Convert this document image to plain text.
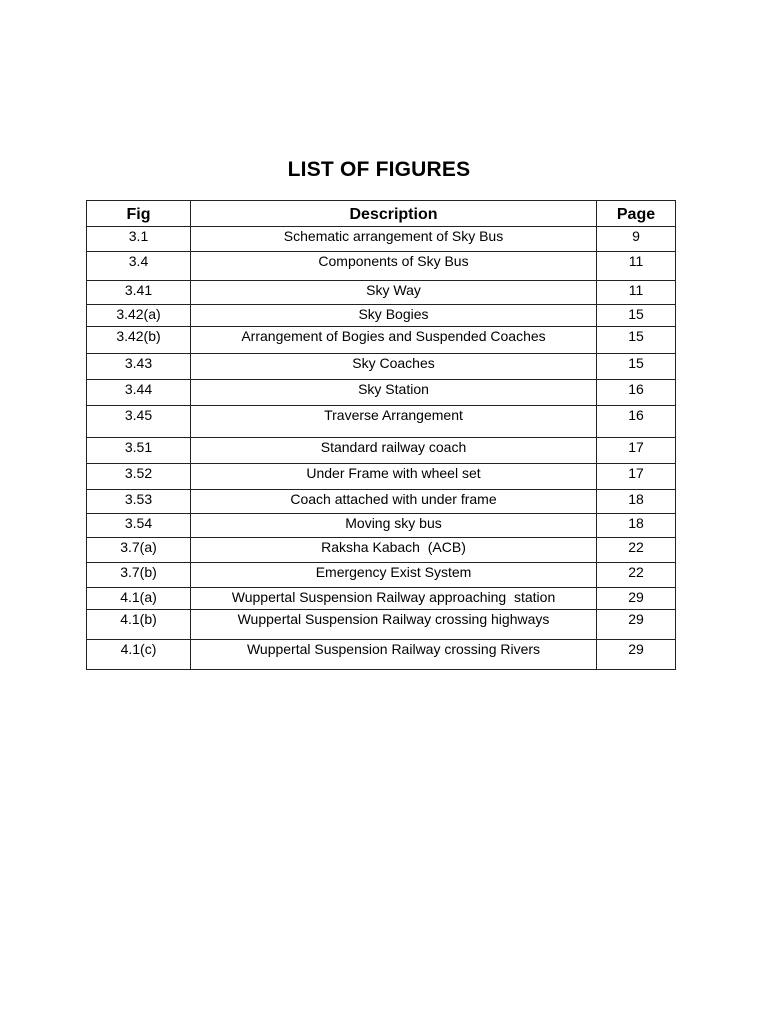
LIST OF FIGURES
Fig	Description	Page
3.1	Schematic arrangement of Sky Bus	9
3.4	Components of Sky Bus	11
3.41	Sky Way	11
3.42(a)	Sky Bogies	15
3.42(b)	Arrangement of Bogies and Suspended Coaches	15
3.43	Sky Coaches	15
3.44	Sky Station	16
3.45	Traverse Arrangement	16
3.51	Standard railway coach	17
3.52	Under Frame with wheel set	17
3.53	Coach attached with under frame	18
3.54	Moving sky bus	18
3.7(a)	Raksha Kabach  (ACB)	22
3.7(b)	Emergency Exist System	22
4.1(a)	Wuppertal Suspension Railway approaching  station	29
4.1(b)	Wuppertal Suspension Railway crossing highways	29
4.1(c)	Wuppertal Suspension Railway crossing Rivers	29
